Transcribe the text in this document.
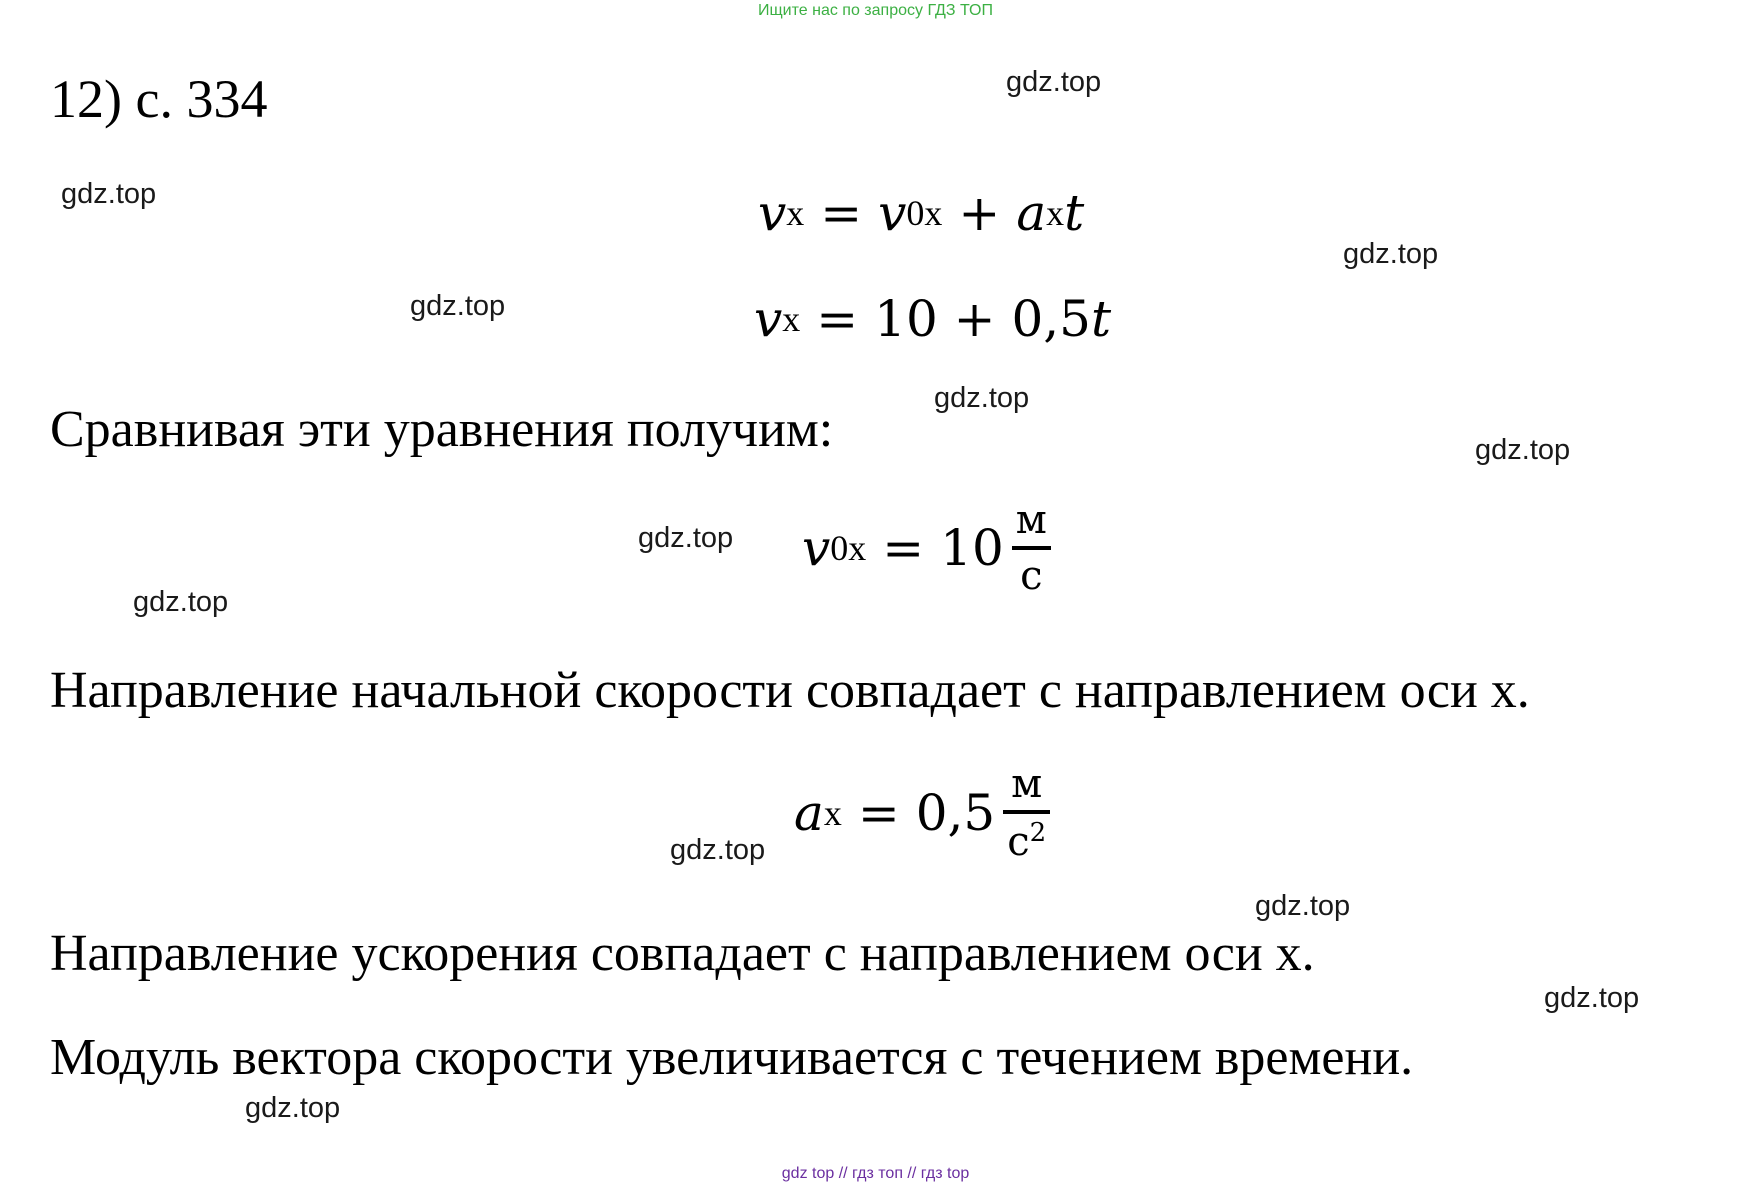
Ищите нас по запросу ГДЗ ТОП
12) с. 334
v x = v 0x + a x t
v x = 10 + 0,5 t
Сравнивая эти уравнения получим:
v $0x = 10 \frac{м}{с}$
Направление начальной скорости совпадает с направлением оси x.
a $x = 0,5 \frac{м}{с^2}$
Направление ускорения совпадает с направлением оси x.
Модуль вектора скорости увеличивается с течением времени.
gdz.top
gdz.top
gdz.top
gdz.top
gdz.top
gdz.top
gdz.top
gdz.top
gdz.top
gdz.top
gdz.top
gdz.top
gdz top // гдз топ // гдз top
